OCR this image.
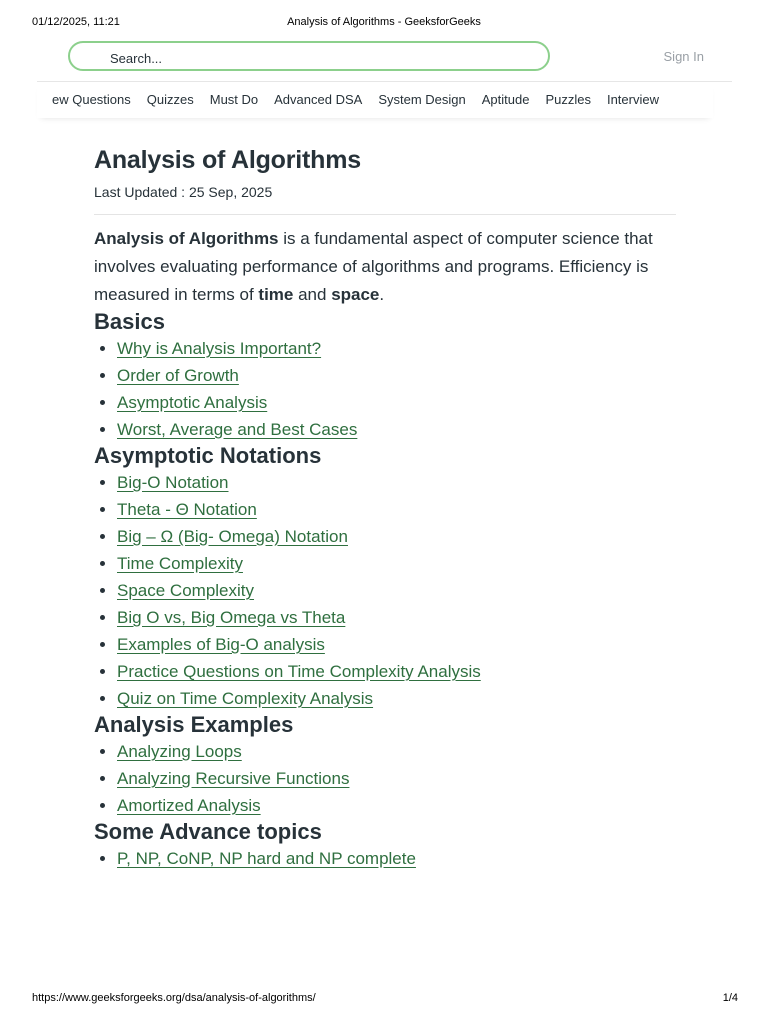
01/12/2025, 11:21	Analysis of Algorithms - GeeksforGeeks
Search...
Sign In
ew Questions Quizzes Must Do Advanced DSA System Design Aptitude Puzzles Interview
Analysis of Algorithms
Last Updated : 25 Sep, 2025

Analysis of Algorithms is a fundamental aspect of computer science that involves evaluating performance of algorithms and programs. Efficiency is measured in terms of time and space.

Basics
• Why is Analysis Important?
• Order of Growth
• Asymptotic Analysis
• Worst, Average and Best Cases
Asymptotic Notations
• Big-O Notation
• Theta - Θ Notation
• Big – Ω (Big- Omega) Notation
• Time Complexity
• Space Complexity
• Big O vs, Big Omega vs Theta
• Examples of Big-O analysis
• Practice Questions on Time Complexity Analysis
• Quiz on Time Complexity Analysis
Analysis Examples
• Analyzing Loops
• Analyzing Recursive Functions
• Amortized Analysis
Some Advance topics
• P, NP, CoNP, NP hard and NP complete
https://www.geeksforgeeks.org/dsa/analysis-of-algorithms/	1/4
